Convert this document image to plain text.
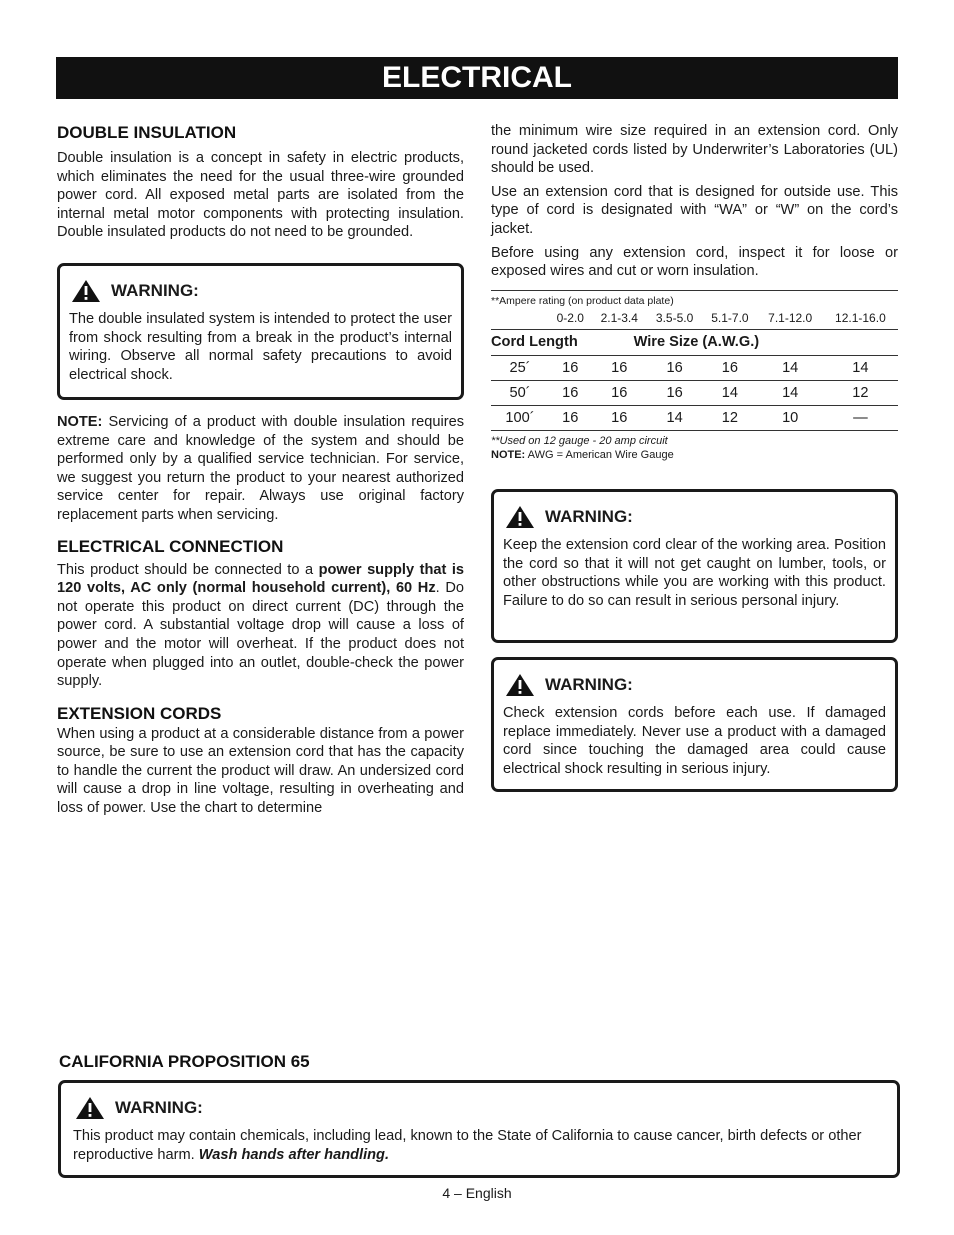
ELECTRICAL
DOUBLE INSULATION

Double insulation is a concept in safety in electric products, which eliminates the need for the usual three-wire grounded power cord. All exposed metal parts are isolated from the internal metal motor components with protecting insulation. Double insulated products do not need to be grounded.

WARNING:

The double insulated system is intended to protect the user from shock resulting from a break in the product’s internal wiring. Observe all normal safety precautions to avoid electrical shock.

NOTE: Servicing of a product with double insulation requires extreme care and knowledge of the system and should be performed only by a qualified service technician. For service, we suggest you return the product to your nearest authorized service center for repair. Always use original factory replacement parts when servicing.

ELECTRICAL CONNECTION

This product should be connected to a power supply that is 120 volts, AC only (normal household current), 60 Hz. Do not operate this product on direct current (DC) through the power cord. A substantial voltage drop will cause a loss of power and the motor will overheat. If the product does not operate when plugged into an outlet, double-check the power supply.

EXTENSION CORDS

When using a product at a considerable distance from a power source, be sure to use an extension cord that has the capacity to handle the current the product will draw. An undersized cord will cause a drop in line voltage, resulting in overheating and loss of power. Use the chart to determine

the minimum wire size required in an extension cord. Only round jacketed cords listed by Underwriter’s Laboratories (UL) should be used.

Use an extension cord that is designed for outside use. This type of cord is designated with “WA” or “W” on the cord’s jacket.

Before using any extension cord, inspect it for loose or exposed wires and cut or worn insulation.

**Ampere rating (on product data plate)
	0-2.0	2.1-3.4	3.5-5.0	5.1-7.0	7.1-12.0	12.1-16.0
Cord Length		Wire Size (A.W.G.)				
25´	16	16	16	16	14	14
50´	16	16	16	14	14	12
100´	16	16	14	12	10	—
**Used on 12 gauge - 20 amp circuit
NOTE: AWG = American Wire Gauge
WARNING:

Keep the extension cord clear of the working area. Position the cord so that it will not get caught on lumber, tools, or other obstructions while you are working with this product. Failure to do so can result in serious personal injury.

WARNING:

Check extension cords before each use. If damaged replace immediately. Never use a product with a damaged cord since touching the damaged area could cause electrical shock resulting in serious injury.

CALIFORNIA PROPOSITION 65
WARNING:

This product may contain chemicals, including lead, known to the State of California to cause cancer, birth defects or other reproductive harm. Wash hands after handling.

4 – English
